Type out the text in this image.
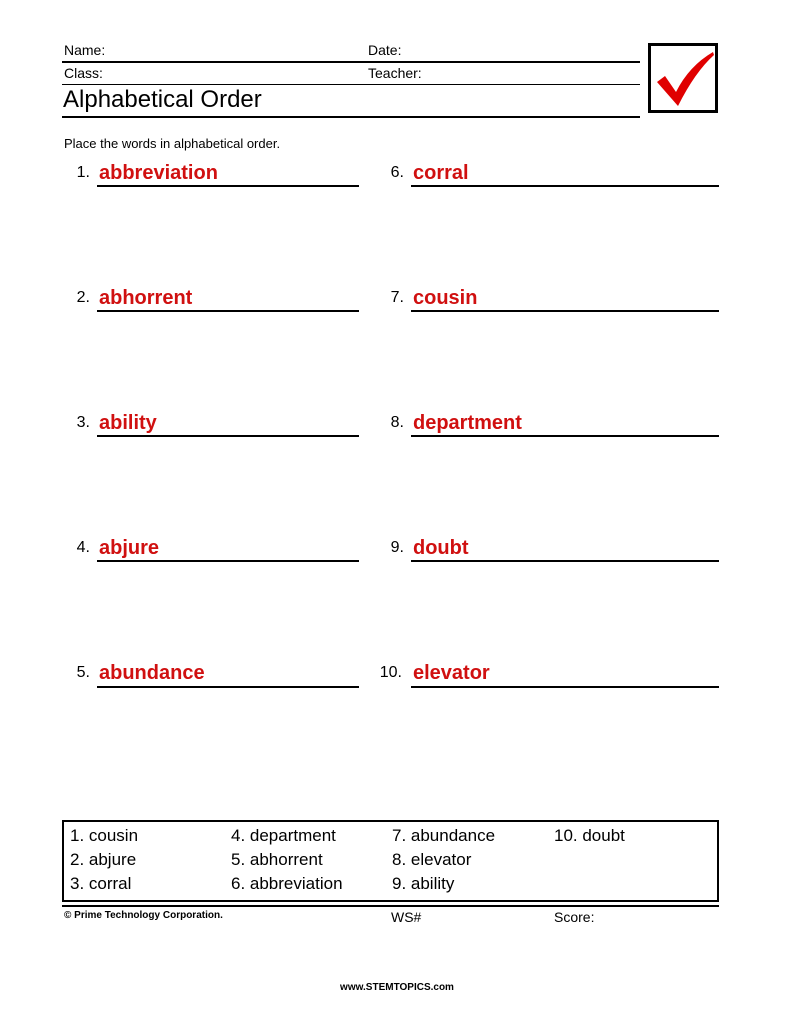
Name:	Date:
Class:	Teacher:
Alphabetical Order
Place the words in alphabetical order.
1. abbreviation
2. abhorrent
3. ability
4. abjure
5. abundance
6. corral
7. cousin
8. department
9. doubt
10. elevator
1. cousin
2. abjure
3. corral
4. department
5. abhorrent
6. abbreviation
7. abundance
8. elevator
9. ability
10. doubt
© Prime Technology Corporation.	WS#	Score:
www.STEMTOPICS.com
